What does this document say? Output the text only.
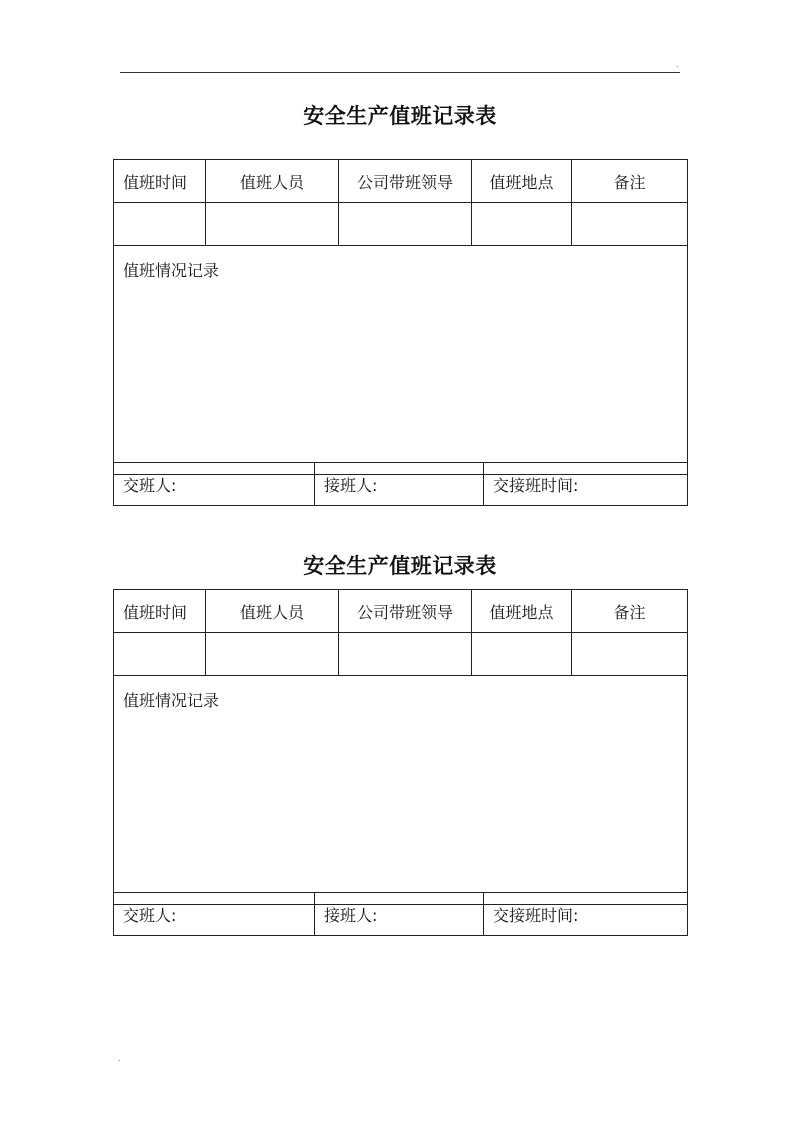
.
安全生产值班记录表
值班时间	值班人员	公司带班领导	值班地点	备注

值班情况记录				
交班人:	接班人:	交接班时间:
安全生产值班记录表
值班时间	值班人员	公司带班领导	值班地点	备注

值班情况记录				
交班人:	接班人:	交接班时间:
.
